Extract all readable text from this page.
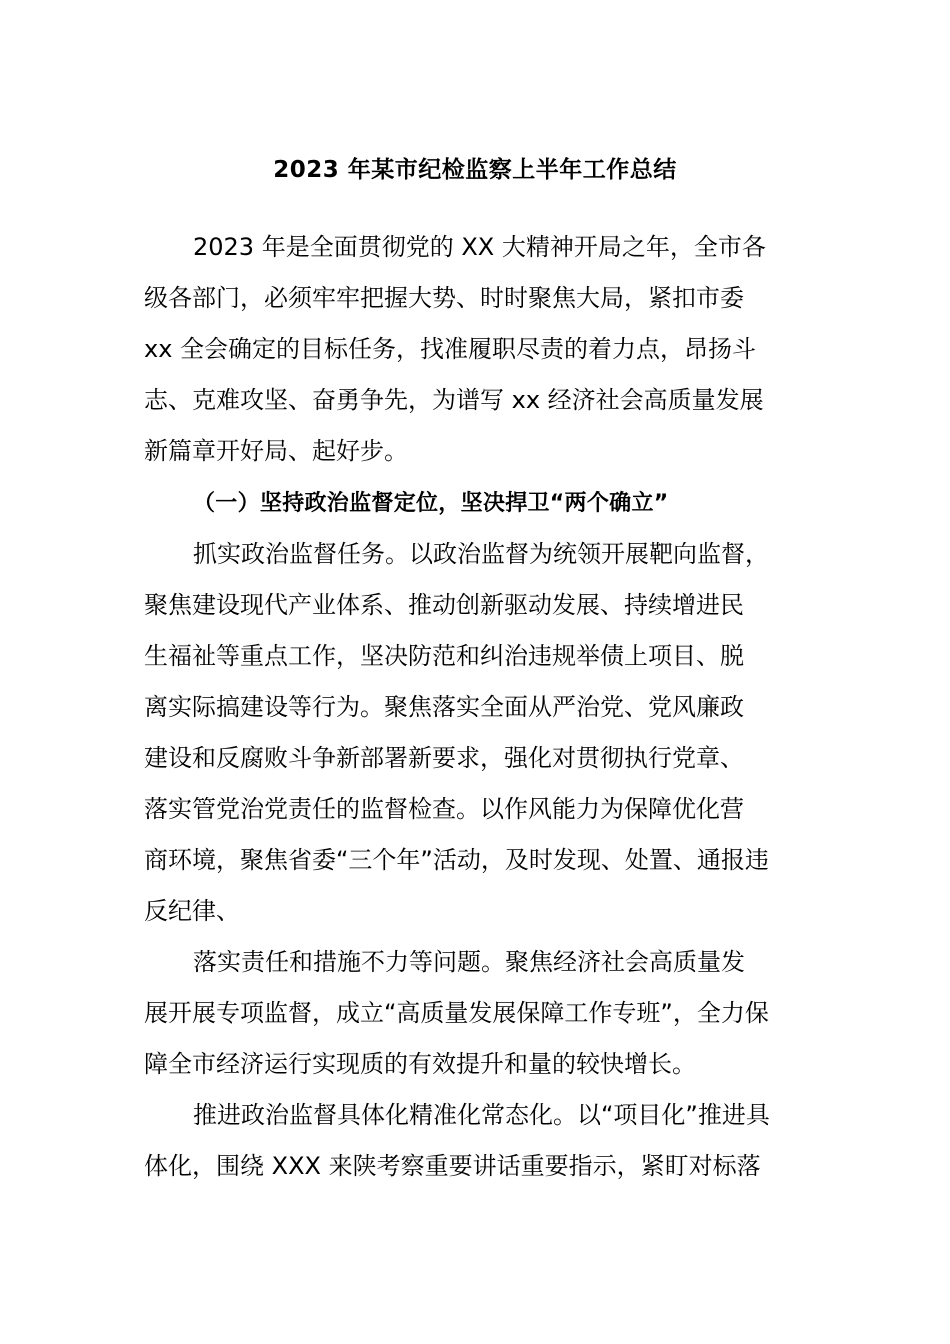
2023 年某市纪检监察上半年工作总结
2023 年是全面贯彻党的 XX 大精神开局之年，全市各
级各部门，必须牢牢把握大势、时时聚焦大局，紧扣市委
xx 全会确定的目标任务，找准履职尽责的着力点，昂扬斗
志、克难攻坚、奋勇争先，为谱写 xx 经济社会高质量发展
新篇章开好局、起好步。
（一）坚持政治监督定位，坚决捍卫“两个确立”
抓实政治监督任务。以政治监督为统领开展靶向监督，
聚焦建设现代产业体系、推动创新驱动发展、持续增进民
生福祉等重点工作，坚决防范和纠治违规举债上项目、脱
离实际搞建设等行为。聚焦落实全面从严治党、党风廉政
建设和反腐败斗争新部署新要求，强化对贯彻执行党章、
落实管党治党责任的监督检查。以作风能力为保障优化营
商环境，聚焦省委“三个年”活动，及时发现、处置、通报违
反纪律、
落实责任和措施不力等问题。聚焦经济社会高质量发
展开展专项监督，成立“高质量发展保障工作专班”，全力保
障全市经济运行实现质的有效提升和量的较快增长。
推进政治监督具体化精准化常态化。以“项目化”推进具
体化，围绕 XXX 来陕考察重要讲话重要指示，紧盯对标落
